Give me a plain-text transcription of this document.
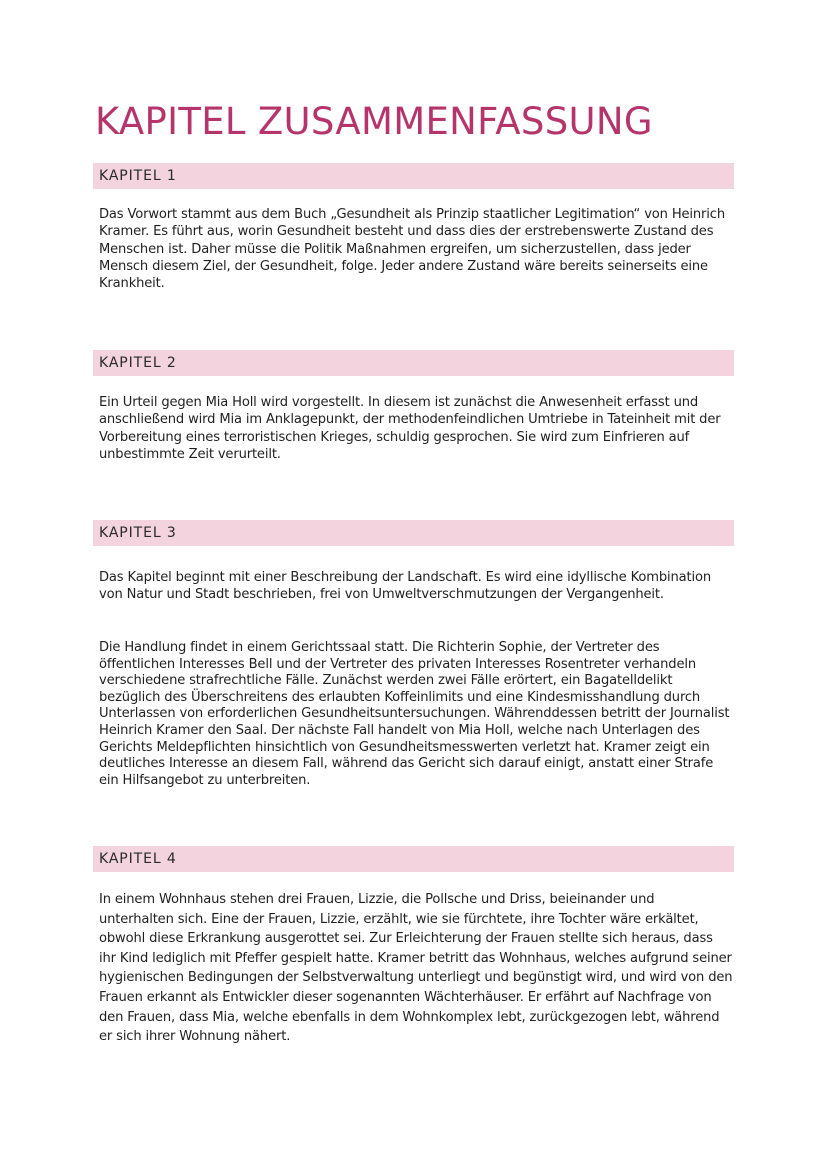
KAPITEL ZUSAMMENFASSUNG
KAPITEL 1

Das Vorwort stammt aus dem Buch „Gesundheit als Prinzip staatlicher Legitimation“ von Heinrich Kramer. Es führt aus, worin Gesundheit besteht und dass dies der erstrebenswerte Zustand des Menschen ist. Daher müsse die Politik Maßnahmen ergreifen, um sicherzustellen, dass jeder Mensch diesem Ziel, der Gesundheit, folge. Jeder andere Zustand wäre bereits seinerseits eine Krankheit.

KAPITEL 2

Ein Urteil gegen Mia Holl wird vorgestellt. In diesem ist zunächst die Anwesenheit erfasst und anschließend wird Mia im Anklagepunkt, der methodenfeindlichen Umtriebe in Tateinheit mit der Vorbereitung eines terroristischen Krieges, schuldig gesprochen. Sie wird zum Einfrieren auf unbestimmte Zeit verurteilt.

KAPITEL 3

Das Kapitel beginnt mit einer Beschreibung der Landschaft. Es wird eine idyllische Kombination von Natur und Stadt beschrieben, frei von Umweltverschmutzungen der Vergangenheit.

Die Handlung findet in einem Gerichtssaal statt. Die Richterin Sophie, der Vertreter des öffentlichen Interesses Bell und der Vertreter des privaten Interesses Rosentreter verhandeln verschiedene strafrechtliche Fälle. Zunächst werden zwei Fälle erörtert, ein Bagatelldelikt bezüglich des Überschreitens des erlaubten Koffeinlimits und eine Kindesmisshandlung durch Unterlassen von erforderlichen Gesundheitsuntersuchungen. Währenddessen betritt der Journalist Heinrich Kramer den Saal. Der nächste Fall handelt von Mia Holl, welche nach Unterlagen des Gerichts Meldepflichten hinsichtlich von Gesundheitsmesswerten verletzt hat. Kramer zeigt ein deutliches Interesse an diesem Fall, während das Gericht sich darauf einigt, anstatt einer Strafe ein Hilfsangebot zu unterbreiten.

KAPITEL 4

In einem Wohnhaus stehen drei Frauen, Lizzie, die Pollsche und Driss, beieinander und unterhalten sich. Eine der Frauen, Lizzie, erzählt, wie sie fürchtete, ihre Tochter wäre erkältet, obwohl diese Erkrankung ausgerottet sei. Zur Erleichterung der Frauen stellte sich heraus, dass ihr Kind lediglich mit Pfeffer gespielt hatte. Kramer betritt das Wohnhaus, welches aufgrund seiner hygienischen Bedingungen der Selbstverwaltung unterliegt und begünstigt wird, und wird von den Frauen erkannt als Entwickler dieser sogenannten Wächterhäuser. Er erfährt auf Nachfrage von den Frauen, dass Mia, welche ebenfalls in dem Wohnkomplex lebt, zurückgezogen lebt, während er sich ihrer Wohnung nähert.
